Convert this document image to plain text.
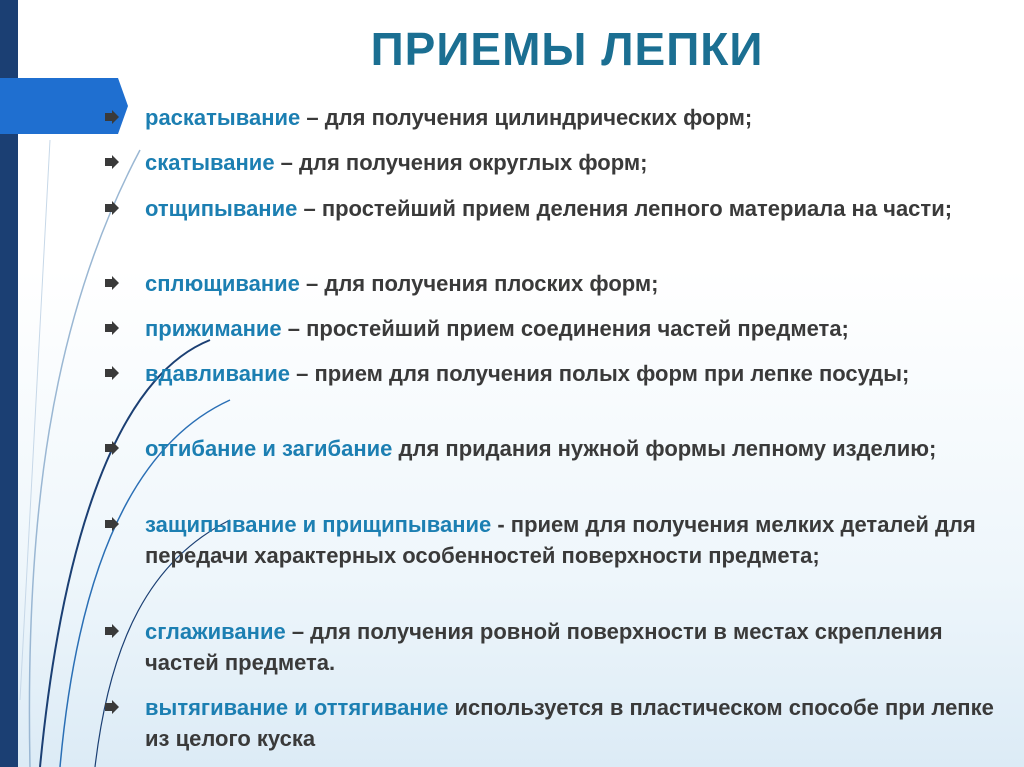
ПРИЕМЫ ЛЕПКИ
раскатывание – для получения цилиндрических форм;
скатывание – для получения округлых форм;
отщипывание – простейший прием деления лепного материала на части;
сплющивание – для получения плоских форм;
прижимание – простейший прием соединения частей предмета;
вдавливание – прием для получения полых форм при лепке посуды;
отгибание и загибание для придания нужной формы лепному изделию;
защипывание и прищипывание - прием для получения мелких деталей для передачи характерных особенностей поверхности предмета;
сглаживание – для получения ровной поверхности в местах скрепления частей предмета.
вытягивание и оттягивание используется в пластическом способе при лепке из целого куска
